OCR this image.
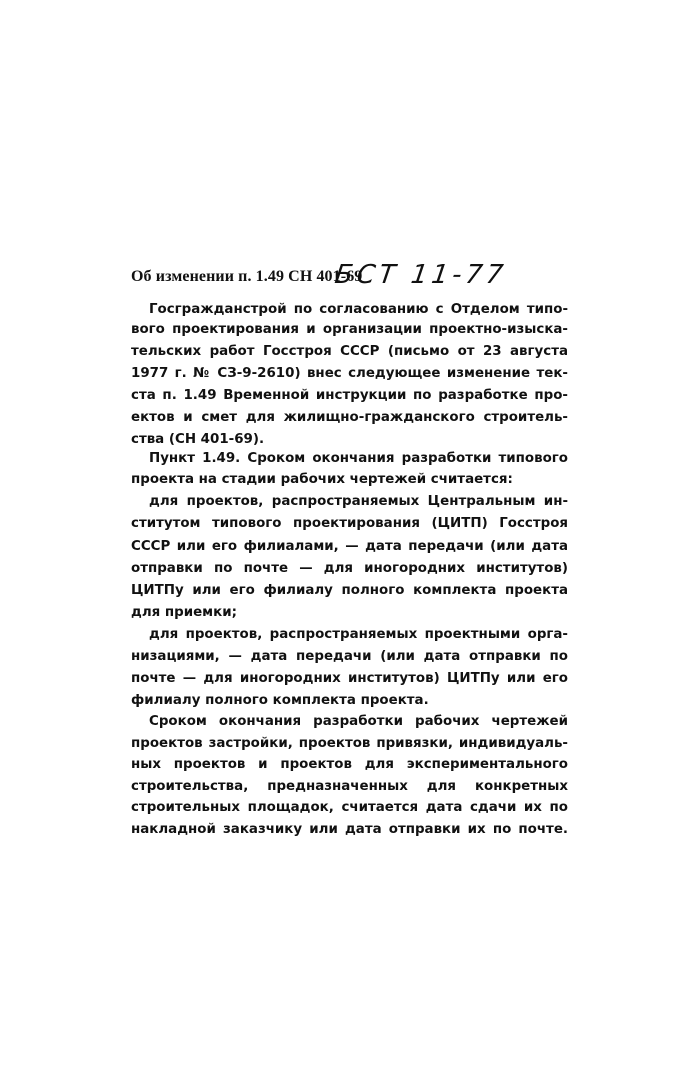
Об изменении п. 1.49 СН 401-69
БСТ 11-77
Госгражданстрой по согласованию с Отделом типо-
вого проектирования и организации проектно-изыска-
тельских работ Госстроя СССР (письмо от 23 августа
1977 г. № СЗ-9-2610) внес следующее изменение тек-
ста п. 1.49 Временной инструкции по разработке про-
ектов и смет для жилищно-гражданского строитель-
ства (СН 401-69).
Пункт 1.49. Сроком окончания разработки типового
проекта на стадии рабочих чертежей считается:
для проектов, распространяемых Центральным ин-
ститутом типового проектирования (ЦИТП) Госстроя
СССР или его филиалами, — дата передачи (или дата
отправки по почте — для иногородних институтов)
ЦИТПу или его филиалу полного комплекта проекта
для приемки;
для проектов, распространяемых проектными орга-
низациями, — дата передачи (или дата отправки по
почте — для иногородних институтов) ЦИТПу или его
филиалу полного комплекта проекта.
Сроком окончания разработки рабочих чертежей
проектов застройки, проектов привязки, индивидуаль-
ных проектов и проектов для экспериментального
строительства, предназначенных для конкретных
строительных площадок, считается дата сдачи их по
накладной заказчику или дата отправки их по почте.
